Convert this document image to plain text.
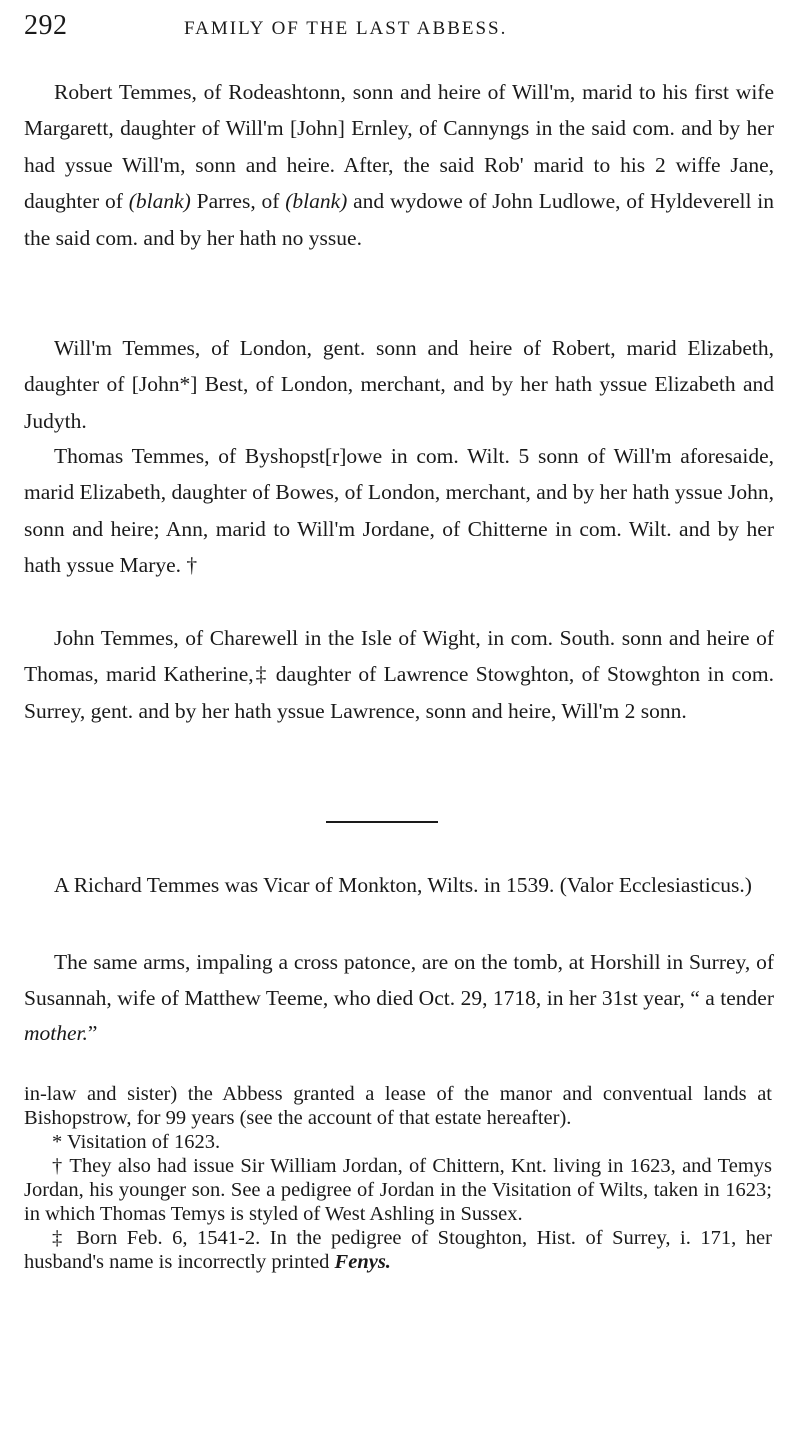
292	FAMILY OF THE LAST ABBESS.

Robert Temmes, of Rodeashtonn, sonn and heire of Will'm, marid to his first wife Margarett, daughter of Will'm [John] Ernley, of Cannyngs in the said com. and by her had yssue Will'm, sonn and heire. After, the said Rob' marid to his 2 wiffe Jane, daughter of (blank) Parres, of (blank) and wydowe of John Ludlowe, of Hyldeverell in the said com. and by her hath no yssue.

Will'm Temmes, of London, gent. sonn and heire of Robert, marid Elizabeth, daughter of [John*] Best, of London, merchant, and by her hath yssue Elizabeth and Judyth.

Thomas Temmes, of Byshopst[r]owe in com. Wilt. 5 sonn of Will'm aforesaide, marid Elizabeth, daughter of Bowes, of London, merchant, and by her hath yssue John, sonn and heire; Ann, marid to Will'm Jordane, of Chitterne in com. Wilt. and by her hath yssue Marye. †

John Temmes, of Charewell in the Isle of Wight, in com. South. sonn and heire of Thomas, marid Katherine,‡ daughter of Lawrence Stowghton, of Stowghton in com. Surrey, gent. and by her hath yssue Lawrence, sonn and heire, Will'm 2 sonn.

A Richard Temmes was Vicar of Monkton, Wilts. in 1539. (Valor Ecclesiasticus.)

The same arms, impaling a cross patonce, are on the tomb, at Horshill in Surrey, of Susannah, wife of Matthew Teeme, who died Oct. 29, 1718, in her 31st year, “ a tender mother.”

in-law and sister) the Abbess granted a lease of the manor and conventual lands at Bishopstrow, for 99 years (see the account of that estate hereafter).

* Visitation of 1623.

† They also had issue Sir William Jordan, of Chittern, Knt. living in 1623, and Temys Jordan, his younger son. See a pedigree of Jordan in the Visitation of Wilts, taken in 1623; in which Thomas Temys is styled of West Ashling in Sussex.

‡ Born Feb. 6, 1541-2. In the pedigree of Stoughton, Hist. of Surrey, i. 171, her husband's name is incorrectly printed Fenys.
